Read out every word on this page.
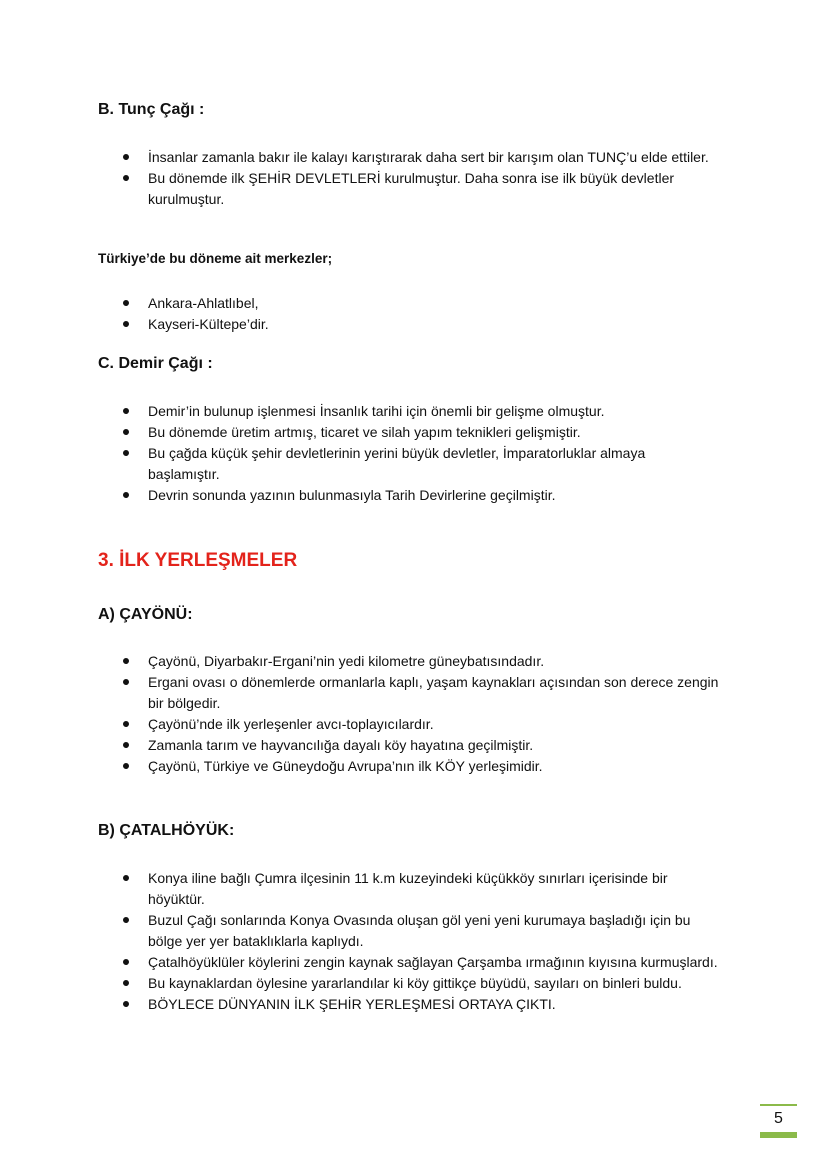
B. Tunç Çağı :
İnsanlar zamanla bakır ile kalayı karıştırarak daha sert bir karışım olan TUNÇ’u elde ettiler.
Bu dönemde ilk ŞEHİR DEVLETLERİ kurulmuştur. Daha sonra ise ilk büyük devletler kurulmuştur.

Türkiye’de bu döneme ait merkezler;

Ankara-Ahlatlıbel,
Kayseri-Kültepe’dir.
C. Demir Çağı :
Demir’in bulunup işlenmesi İnsanlık tarihi için önemli bir gelişme olmuştur.
Bu dönemde üretim artmış, ticaret ve silah yapım teknikleri gelişmiştir.
Bu çağda küçük şehir devletlerinin yerini büyük devletler, İmparatorluklar almaya başlamıştır.
Devrin sonunda yazının bulunmasıyla Tarih Devirlerine geçilmiştir.
3. İLK YERLEŞMELER
A) ÇAYÖNÜ:
Çayönü, Diyarbakır-Ergani’nin yedi kilometre güneybatısındadır.
Ergani ovası o dönemlerde ormanlarla kaplı, yaşam kaynakları açısından son derece zengin bir bölgedir.
Çayönü’nde ilk yerleşenler avcı-toplayıcılardır.
Zamanla tarım ve hayvancılığa dayalı köy hayatına geçilmiştir.
Çayönü, Türkiye ve Güneydoğu Avrupa’nın ilk KÖY yerleşimidir.
B) ÇATALHÖYÜK:
Konya iline bağlı Çumra ilçesinin 11 k.m kuzeyindeki küçükköy sınırları içerisinde bir höyüktür.
Buzul Çağı sonlarında Konya Ovasında oluşan göl yeni yeni kurumaya başladığı için bu bölge yer yer bataklıklarla kaplıydı.
Çatalhöyüklüler köylerini zengin kaynak sağlayan Çarşamba ırmağının kıyısına kurmuşlardı.
Bu kaynaklardan öylesine yararlandılar ki köy gittikçe büyüdü, sayıları on binleri buldu.
BÖYLECE DÜNYANIN İLK ŞEHİR YERLEŞMESİ ORTAYA ÇIKTI.
5
